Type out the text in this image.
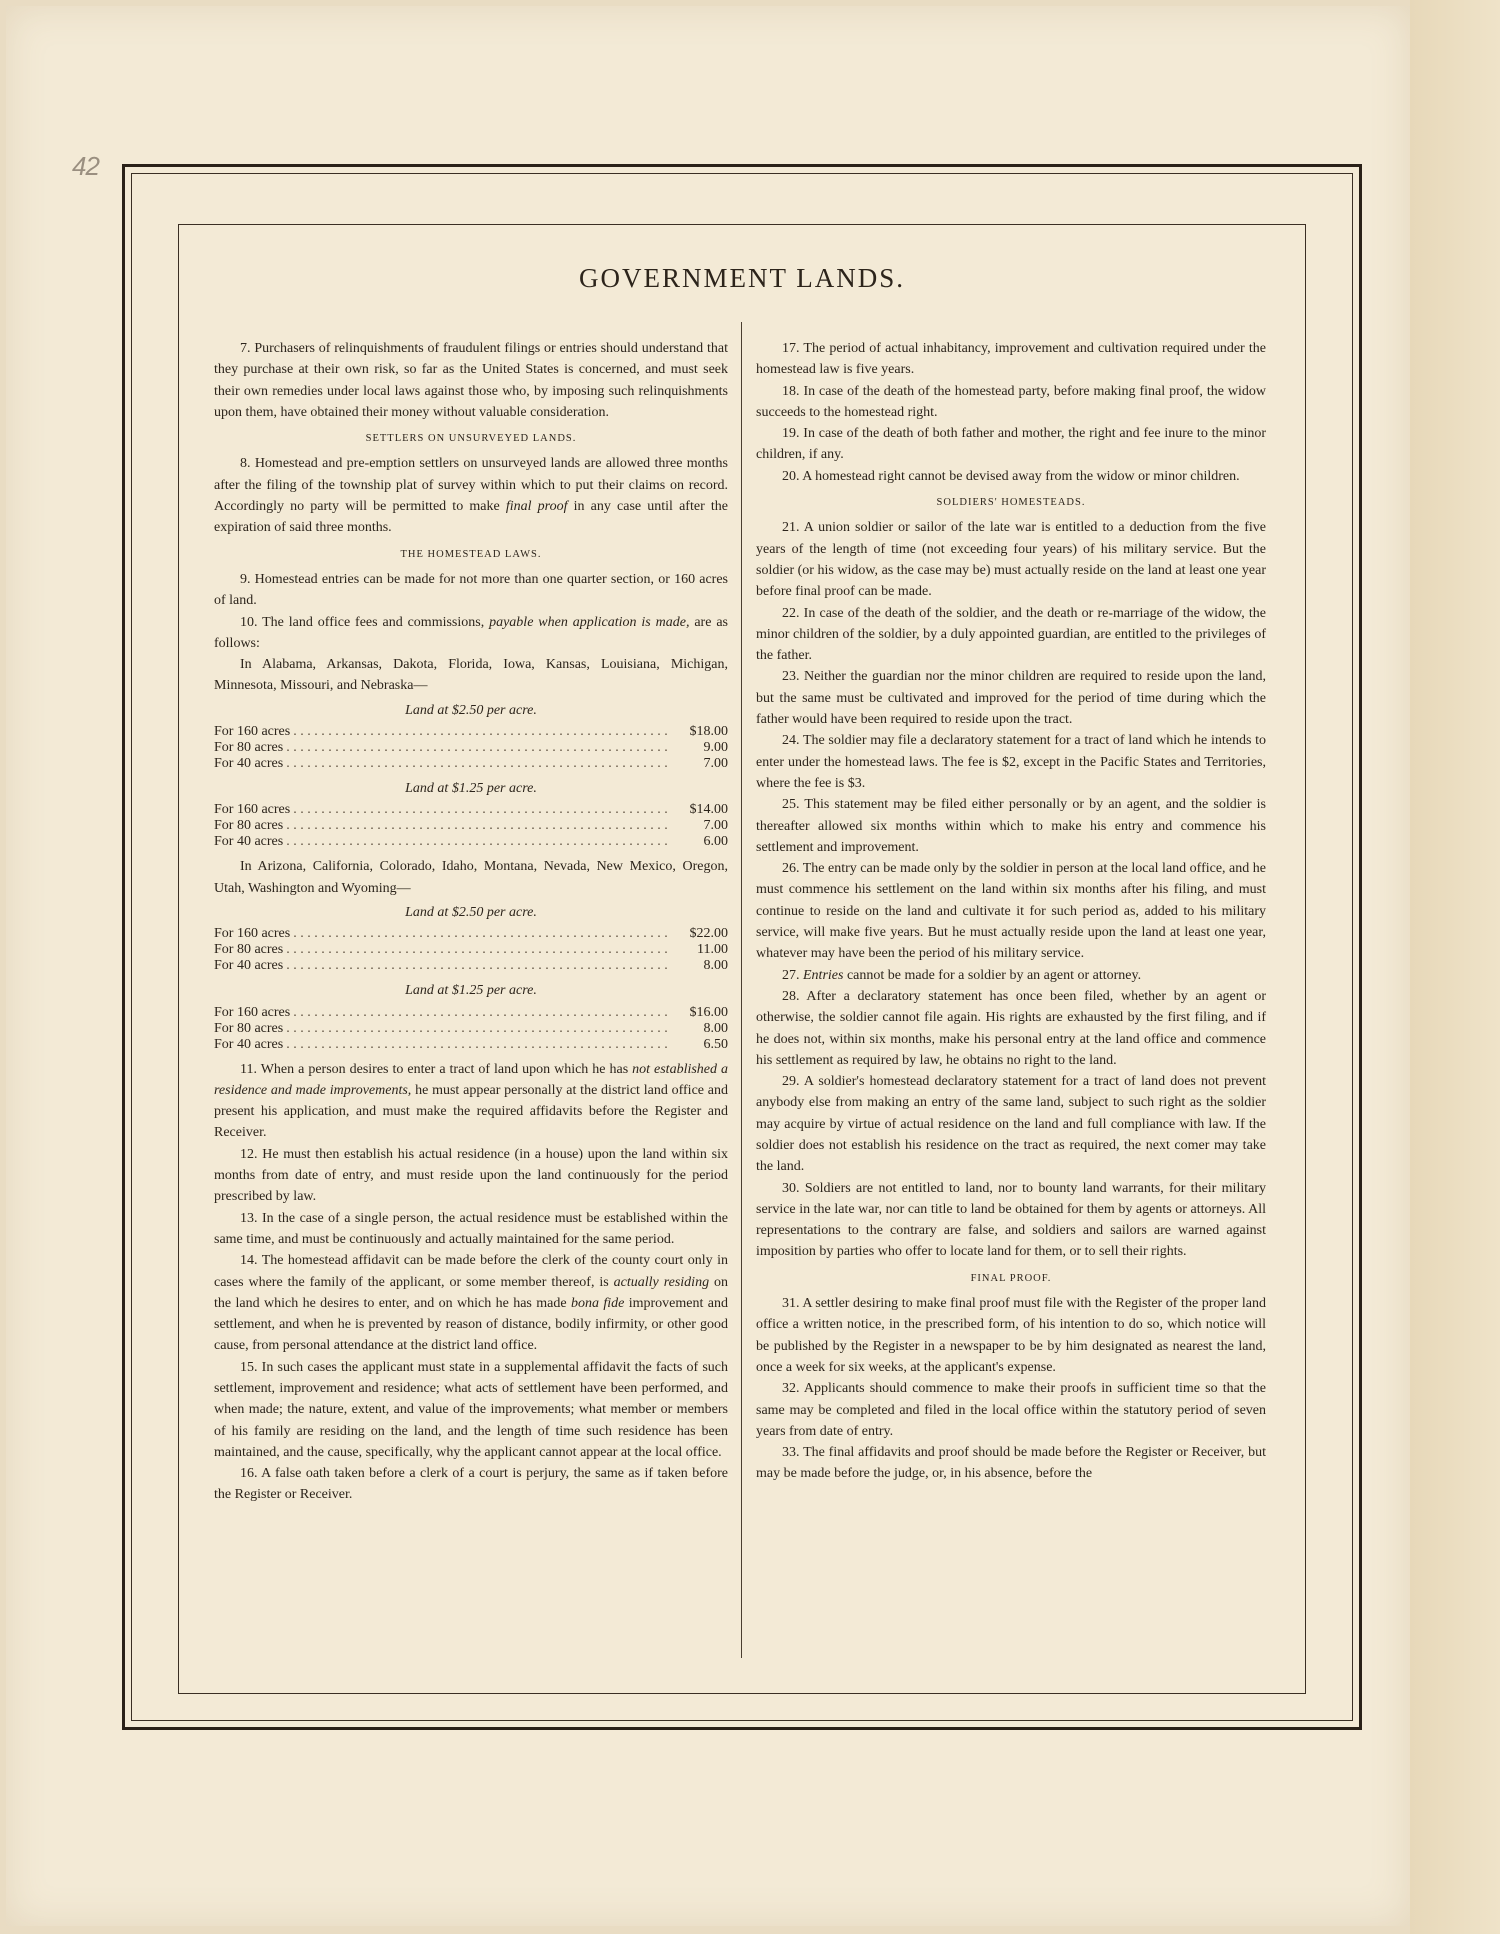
42
GOVERNMENT LANDS.

7. Purchasers of relinquishments of fraudulent filings or entries should understand that they purchase at their own risk, so far as the United States is concerned, and must seek their own remedies under local laws against those who, by imposing such relinquishments upon them, have obtained their money without valuable consideration.

SETTLERS ON UNSURVEYED LANDS.

8. Homestead and pre-emption settlers on unsurveyed lands are allowed three months after the filing of the township plat of survey within which to put their claims on record. Accordingly no party will be permitted to make final proof in any case until after the expiration of said three months.

THE HOMESTEAD LAWS.

9. Homestead entries can be made for not more than one quarter section, or 160 acres of land.

10. The land office fees and commissions, payable when application is made, are as follows:

In Alabama, Arkansas, Dakota, Florida, Iowa, Kansas, Louisiana, Michigan, Minnesota, Missouri, and Nebraska—

Land at $2.50 per acre.
For 160 acres . . .	$18.00
For 80 acres . . .	9.00
For 40 acres . . .	7.00
Land at $1.25 per acre.
For 160 acres . . .	$14.00
For 80 acres . . .	7.00
For 40 acres . . .	6.00

In Arizona, California, Colorado, Idaho, Montana, Nevada, New Mexico, Oregon, Utah, Washington and Wyoming—

Land at $2.50 per acre.
For 160 acres . . .	$22.00
For 80 acres . . .	11.00
For 40 acres . . .	8.00
Land at $1.25 per acre.
For 160 acres . . .	$16.00
For 80 acres . . .	8.00
For 40 acres . . .	6.50

11. When a person desires to enter a tract of land upon which he has not established a residence and made improvements, he must appear personally at the district land office and present his application, and must make the required affidavits before the Register and Receiver.

12. He must then establish his actual residence (in a house) upon the land within six months from date of entry, and must reside upon the land continuously for the period prescribed by law.

13. In the case of a single person, the actual residence must be established within the same time, and must be continuously and actually maintained for the same period.

14. The homestead affidavit can be made before the clerk of the county court only in cases where the family of the applicant, or some member thereof, is actually residing on the land which he desires to enter, and on which he has made bona fide improvement and settlement, and when he is prevented by reason of distance, bodily infirmity, or other good cause, from personal attendance at the district land office.

15. In such cases the applicant must state in a supplemental affidavit the facts of such settlement, improvement and residence; what acts of settlement have been performed, and when made; the nature, extent, and value of the improvements; what member or members of his family are residing on the land, and the length of time such residence has been maintained, and the cause, specifically, why the applicant cannot appear at the local office.

16. A false oath taken before a clerk of a court is perjury, the same as if taken before the Register or Receiver.

17. The period of actual inhabitancy, improvement and cultivation required under the homestead law is five years.

18. In case of the death of the homestead party, before making final proof, the widow succeeds to the homestead right.

19. In case of the death of both father and mother, the right and fee inure to the minor children, if any.

20. A homestead right cannot be devised away from the widow or minor children.

SOLDIERS' HOMESTEADS.

21. A union soldier or sailor of the late war is entitled to a deduction from the five years of the length of time (not exceeding four years) of his military service. But the soldier (or his widow, as the case may be) must actually reside on the land at least one year before final proof can be made.

22. In case of the death of the soldier, and the death or re-marriage of the widow, the minor children of the soldier, by a duly appointed guardian, are entitled to the privileges of the father.

23. Neither the guardian nor the minor children are required to reside upon the land, but the same must be cultivated and improved for the period of time during which the father would have been required to reside upon the tract.

24. The soldier may file a declaratory statement for a tract of land which he intends to enter under the homestead laws. The fee is $2, except in the Pacific States and Territories, where the fee is $3.

25. This statement may be filed either personally or by an agent, and the soldier is thereafter allowed six months within which to make his entry and commence his settlement and improvement.

26. The entry can be made only by the soldier in person at the local land office, and he must commence his settlement on the land within six months after his filing, and must continue to reside on the land and cultivate it for such period as, added to his military service, will make five years. But he must actually reside upon the land at least one year, whatever may have been the period of his military service.

27. Entries cannot be made for a soldier by an agent or attorney.

28. After a declaratory statement has once been filed, whether by an agent or otherwise, the soldier cannot file again. His rights are exhausted by the first filing, and if he does not, within six months, make his personal entry at the land office and commence his settlement as required by law, he obtains no right to the land.

29. A soldier's homestead declaratory statement for a tract of land does not prevent anybody else from making an entry of the same land, subject to such right as the soldier may acquire by virtue of actual residence on the land and full compliance with law. If the soldier does not establish his residence on the tract as required, the next comer may take the land.

30. Soldiers are not entitled to land, nor to bounty land warrants, for their military service in the late war, nor can title to land be obtained for them by agents or attorneys. All representations to the contrary are false, and soldiers and sailors are warned against imposition by parties who offer to locate land for them, or to sell their rights.

FINAL PROOF.

31. A settler desiring to make final proof must file with the Register of the proper land office a written notice, in the prescribed form, of his intention to do so, which notice will be published by the Register in a newspaper to be by him designated as nearest the land, once a week for six weeks, at the applicant's expense.

32. Applicants should commence to make their proofs in sufficient time so that the same may be completed and filed in the local office within the statutory period of seven years from date of entry.

33. The final affidavits and proof should be made before the Register or Receiver, but may be made before the judge, or, in his absence, before the
